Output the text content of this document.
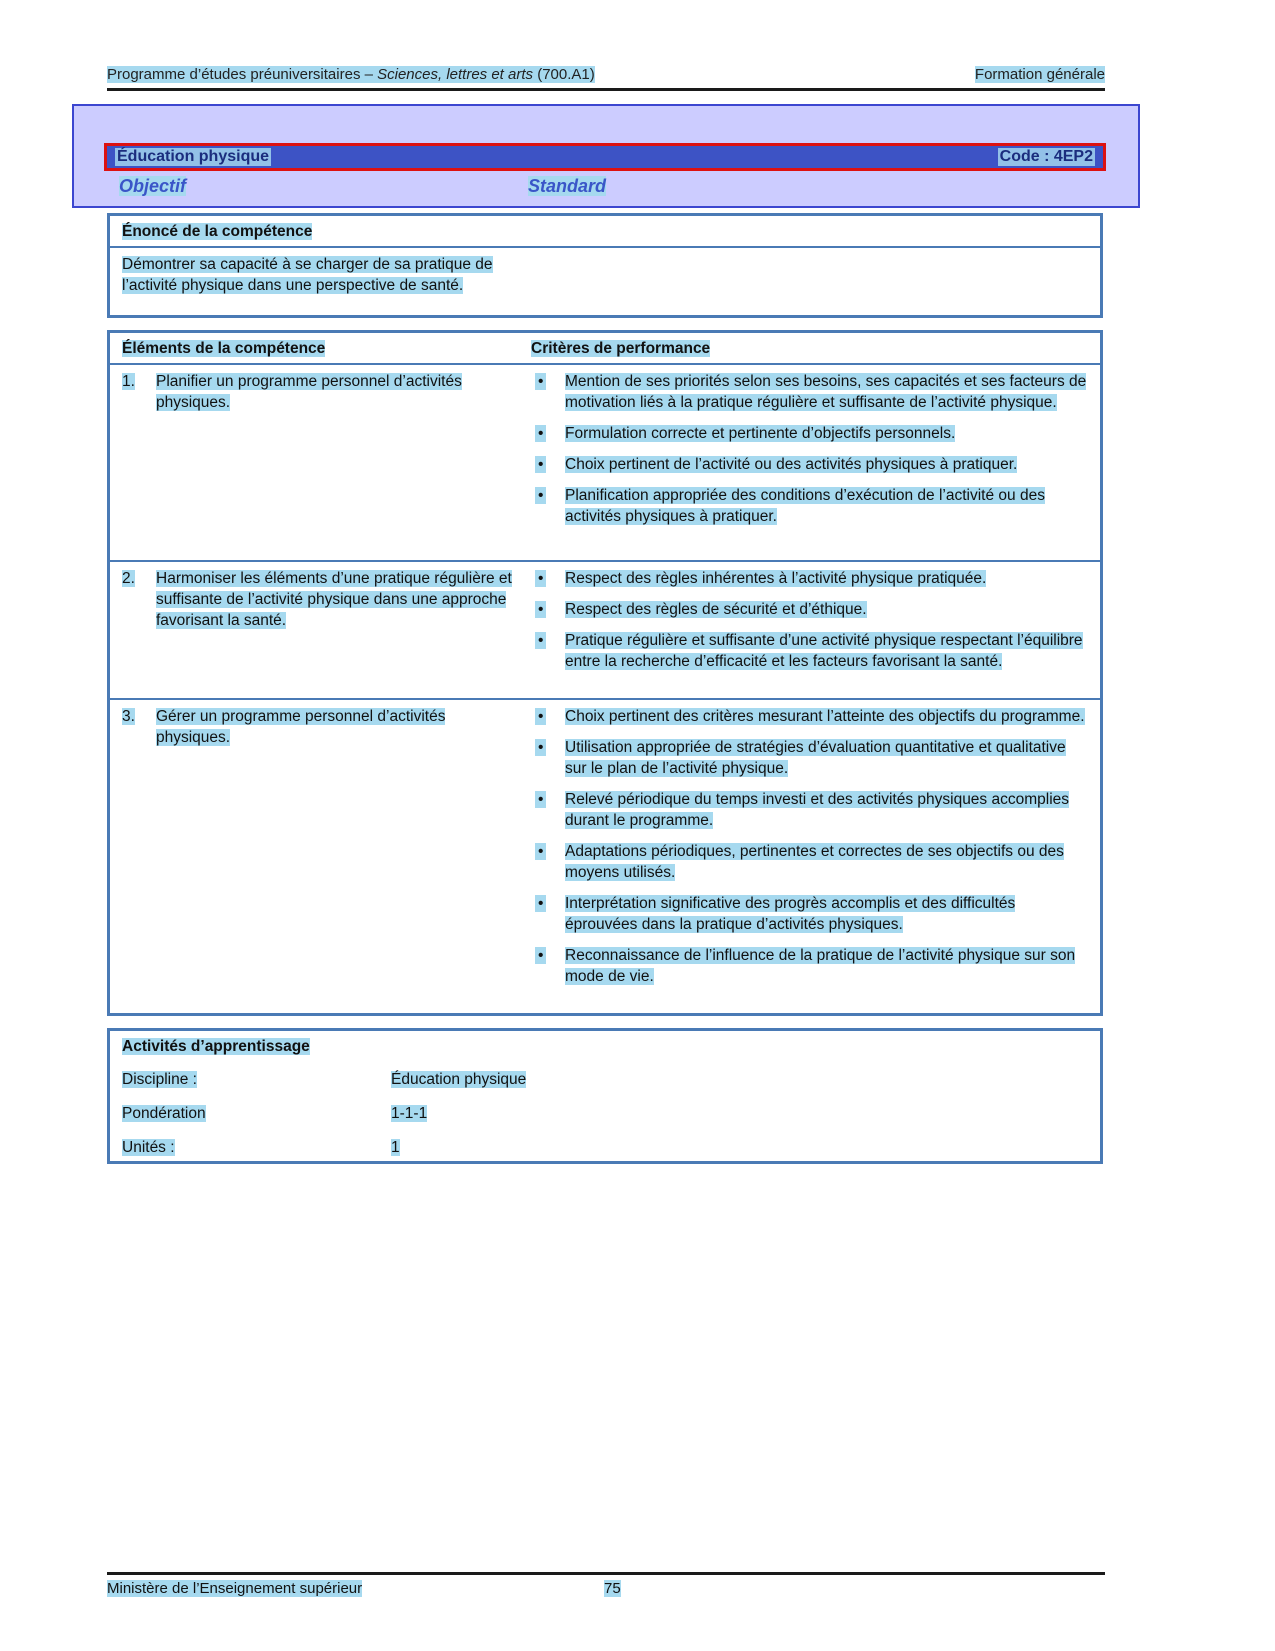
Programme d’études préuniversitaires – Sciences, lettres et arts (700.A1)	Formation générale
Éducation physique	Code : 4EP2
Objectif	Standard
Énoncé de la compétence
Démontrer sa capacité à se charger de sa pratique de l’activité physique dans une perspective de santé.
Éléments de la compétence	Critères de performance
1.	Planifier un programme personnel d’activités physiques.
•	Mention de ses priorités selon ses besoins, ses capacités et ses facteurs de motivation liés à la pratique régulière et suffisante de l’activité physique.
•	Formulation correcte et pertinente d’objectifs personnels.
•	Choix pertinent de l’activité ou des activités physiques à pratiquer.
•	Planification appropriée des conditions d’exécution de l’activité ou des activités physiques à pratiquer.
2.	Harmoniser les éléments d’une pratique régulière et suffisante de l’activité physique dans une approche favorisant la santé.
•	Respect des règles inhérentes à l’activité physique pratiquée.
•	Respect des règles de sécurité et d’éthique.
•	Pratique régulière et suffisante d’une activité physique respectant l’équilibre entre la recherche d’efficacité et les facteurs favorisant la santé.
3.	Gérer un programme personnel d’activités physiques.
•	Choix pertinent des critères mesurant l’atteinte des objectifs du programme.
•	Utilisation appropriée de stratégies d’évaluation quantitative et qualitative sur le plan de l’activité physique.
•	Relevé périodique du temps investi et des activités physiques accomplies durant le programme.
•	Adaptations périodiques, pertinentes et correctes de ses objectifs ou des moyens utilisés.
•	Interprétation significative des progrès accomplis et des difficultés éprouvées dans la pratique d’activités physiques.
•	Reconnaissance de l’influence de la pratique de l’activité physique sur son mode de vie.
Activités d’apprentissage
Discipline :	Éducation physique
Pondération	1-1-1
Unités :	1
Ministère de l’Enseignement supérieur	75
